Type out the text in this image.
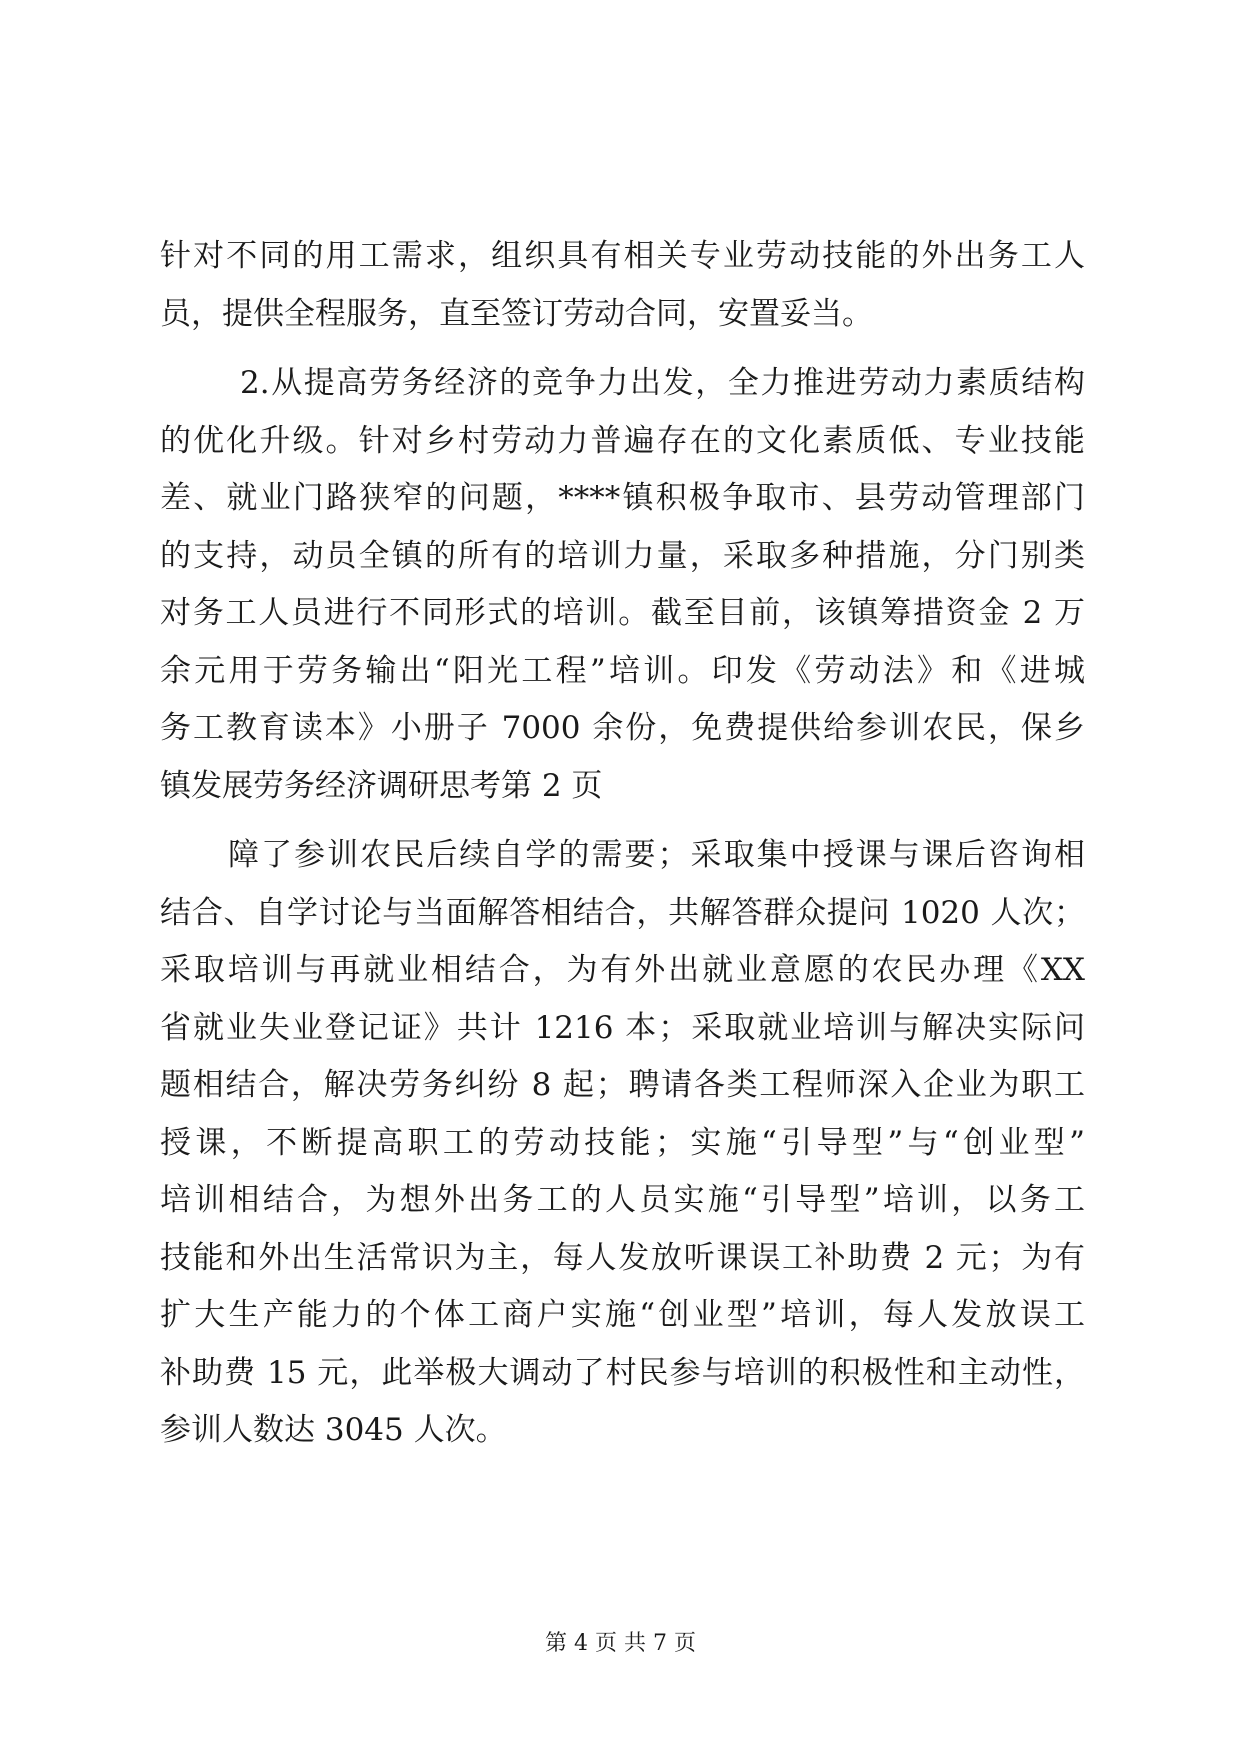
针对不同的用工需求，组织具有相关专业劳动技能的外出务工人
员，提供全程服务，直至签订劳动合同，安置妥当。
2.从提高劳务经济的竞争力出发，全力推进劳动力素质结构
的优化升级。针对乡村劳动力普遍存在的文化素质低、专业技能
差、就业门路狭窄的问题，****镇积极争取市、县劳动管理部门
的支持，动员全镇的所有的培训力量，采取多种措施，分门别类
对务工人员进行不同形式的培训。截至目前，该镇筹措资金 2 万
余元用于劳务输出“阳光工程”培训。印发《劳动法》和《进城
务工教育读本》小册子 7000 余份，免费提供给参训农民，保乡
镇发展劳务经济调研思考第 2 页
障了参训农民后续自学的需要；采取集中授课与课后咨询相
结合、自学讨论与当面解答相结合，共解答群众提问 1020 人次；
采取培训与再就业相结合，为有外出就业意愿的农民办理《XX
省就业失业登记证》共计 1216 本；采取就业培训与解决实际问
题相结合，解决劳务纠纷 8 起；聘请各类工程师深入企业为职工
授课，不断提高职工的劳动技能；实施“引导型”与“创业型”
培训相结合，为想外出务工的人员实施“引导型”培训，以务工
技能和外出生活常识为主，每人发放听课误工补助费 2 元；为有
扩大生产能力的个体工商户实施“创业型”培训，每人发放误工
补助费 15 元，此举极大调动了村民参与培训的积极性和主动性，
参训人数达 3045 人次。
第 4 页 共 7 页
